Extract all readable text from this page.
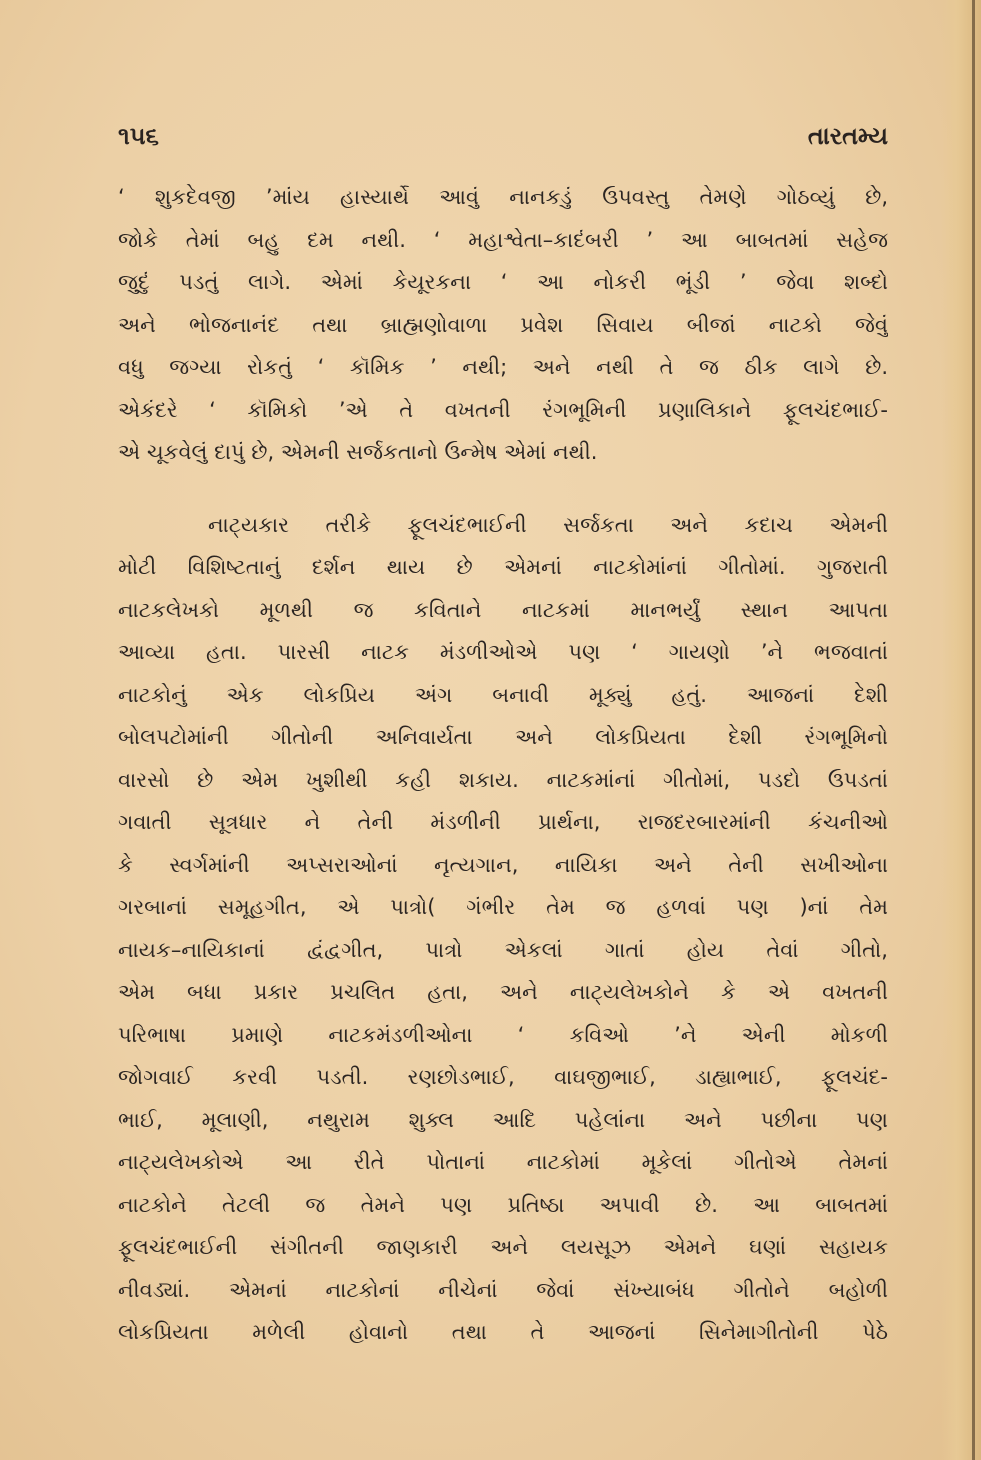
૧૫૬	તારતમ્ય
‘ શુકદેવજી ’માંય હાસ્યાર્થે આવું નાનકડું ઉપવસ્તુ તેમણે ગોઠવ્યું છે,
જોકે તેમાં બહુ દમ નથી. ‘ મહાશ્વેતા–કાદંબરી ’ આ બાબતમાં સહેજ
જુદું પડતું લાગે. એમાં કેયૂરકના ‘ આ નોકરી ભૂંડી ’ જેવા શબ્દો
અને ભોજનાનંદ તથા બ્રાહ્મણોવાળા પ્રવેશ સિવાય બીજાં નાટકો જેવું
વધુ જગ્યા રોકતું ‘ કૉમિક ’ નથી; અને નથી તે જ ઠીક લાગે છે.
એકંદરે ‘ કૉમિકો ’એ તે વખતની રંગભૂમિની પ્રણાલિકાને ફૂલચંદભાઈ-
એ ચૂકવેલું દાપું છે, એમની સર્જકતાનો ઉન્મેષ એમાં નથી.
નાટ્યકાર તરીકે ફૂલચંદભાઈની સર્જકતા અને કદાચ એમની
મોટી વિશિષ્ટતાનું દર્શન થાય છે એમનાં નાટકોમાંનાં ગીતોમાં. ગુજરાતી
નાટકલેખકો મૂળથી જ કવિતાને નાટકમાં માનભર્યું સ્થાન આપતા
આવ્યા હતા. પારસી નાટક મંડળીઓએ પણ ‘ ગાયણો ’ને ભજવાતાં
નાટકોનું એક લોકપ્રિય અંગ બનાવી મૂક્યું હતું. આજનાં દેશી
બોલપટોમાંની ગીતોની અનિવાર્યતા અને લોકપ્રિયતા દેશી રંગભૂમિનો
વારસો છે એમ ખુશીથી કહી શકાય. નાટકમાંનાં ગીતોમાં, પડદો ઉપડતાં
ગવાતી સૂત્રધાર ને તેની મંડળીની પ્રાર્થના, રાજદરબારમાંની કંચનીઓ
કે સ્વર્ગમાંની અપ્સરાઓનાં નૃત્યગાન, નાયિકા અને તેની સખીઓના
ગરબાનાં સમૂહગીત, એ પાત્રો( ગંભીર તેમ જ હળવાં પણ )નાં તેમ
નાયક–નાયિકાનાં દ્વંદ્વગીત, પાત્રો એકલાં ગાતાં હોય તેવાં ગીતો,
એમ બધા પ્રકાર પ્રચલિત હતા, અને નાટ્યલેખકોને કે એ વખતની
પરિભાષા પ્રમાણે નાટકમંડળીઓના ‘ કવિઓ ’ને એની મોકળી
જોગવાઈ કરવી પડતી. રણછોડભાઈ, વાઘજીભાઈ, ડાહ્યાભાઈ, ફૂલચંદ-
ભાઈ, મૂલાણી, નથુરામ શુક્લ આદિ પહેલાંના અને પછીના પણ
નાટ્યલેખકોએ આ રીતે પોતાનાં નાટકોમાં મૂકેલાં ગીતોએ તેમનાં
નાટકોને તેટલી જ તેમને પણ પ્રતિષ્ઠા અપાવી છે. આ બાબતમાં
ફૂલચંદભાઈની સંગીતની જાણકારી અને લયસૂઝ એમને ઘણાં સહાયક
નીવડ્યાં. એમનાં નાટકોનાં નીચેનાં જેવાં સંખ્યાબંધ ગીતોને બહોળી
લોકપ્રિયતા મળેલી હોવાનો તથા તે આજનાં સિનેમાગીતોની પેઠે
